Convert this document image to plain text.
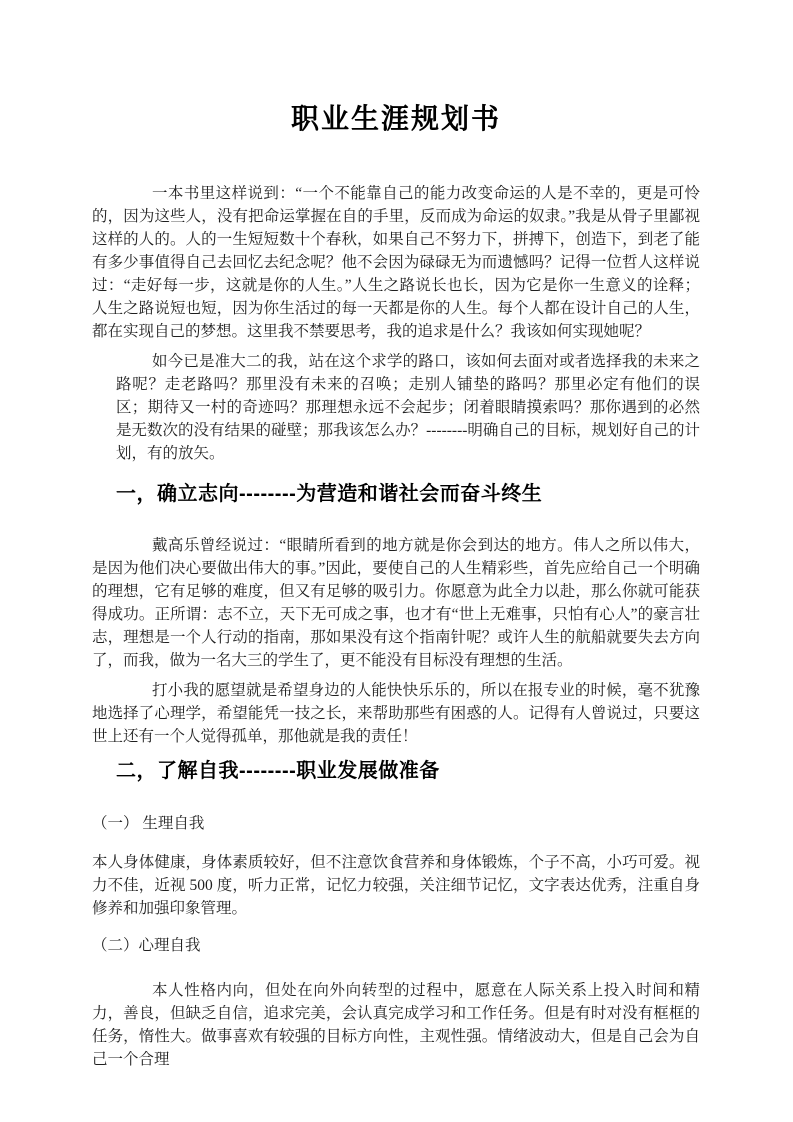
职业生涯规划书

一本书里这样说到：“一个不能靠自己的能力改变命运的人是不幸的，更是可怜的，因为这些人，没有把命运掌握在自的手里，反而成为命运的奴隶。”我是从骨子里鄙视这样的人的。人的一生短短数十个春秋，如果自己不努力下，拼搏下，创造下，到老了能有多少事值得自己去回忆去纪念呢？他不会因为碌碌无为而遗憾吗？记得一位哲人这样说过：“走好每一步，这就是你的人生。”人生之路说长也长，因为它是你一生意义的诠释；人生之路说短也短，因为你生活过的每一天都是你的人生。每个人都在设计自己的人生，都在实现自己的梦想。这里我不禁要思考，我的追求是什么？我该如何实现她呢？

如今已是准大二的我，站在这个求学的路口，该如何去面对或者选择我的未来之路呢？走老路吗？那里没有未来的召唤；走别人铺垫的路吗？那里必定有他们的误区；期待又一村的奇迹吗？那理想永远不会起步；闭着眼睛摸索吗？那你遇到的必然是无数次的没有结果的碰壁；那我该怎么办？--------明确自己的目标，规划好自己的计划，有的放矢。

一，确立志向--------为营造和谐社会而奋斗终生

戴高乐曾经说过：“眼睛所看到的地方就是你会到达的地方。伟人之所以伟大，是因为他们决心要做出伟大的事。”因此，要使自己的人生精彩些，首先应给自己一个明确的理想，它有足够的难度，但又有足够的吸引力。你愿意为此全力以赴，那么你就可能获得成功。正所谓：志不立，天下无可成之事，也才有“世上无难事，只怕有心人”的豪言壮志，理想是一个人行动的指南，那如果没有这个指南针呢？或许人生的航船就要失去方向了，而我，做为一名大三的学生了，更不能没有目标没有理想的生活。

打小我的愿望就是希望身边的人能快快乐乐的，所以在报专业的时候，毫不犹豫地选择了心理学，希望能凭一技之长，来帮助那些有困惑的人。记得有人曾说过，只要这世上还有一个人觉得孤单，那他就是我的责任！

二，了解自我--------职业发展做准备

（一） 生理自我

本人身体健康，身体素质较好，但不注意饮食营养和身体锻炼，个子不高，小巧可爱。视力不佳，近视 500 度，听力正常，记忆力较强，关注细节记忆，文字表达优秀，注重自身修养和加强印象管理。

（二）心理自我

本人性格内向，但处在向外向转型的过程中，愿意在人际关系上投入时间和精力，善良，但缺乏自信，追求完美，会认真完成学习和工作任务。但是有时对没有框框的任务，惰性大。做事喜欢有较强的目标方向性，主观性强。情绪波动大，但是自己会为自己一个合理
